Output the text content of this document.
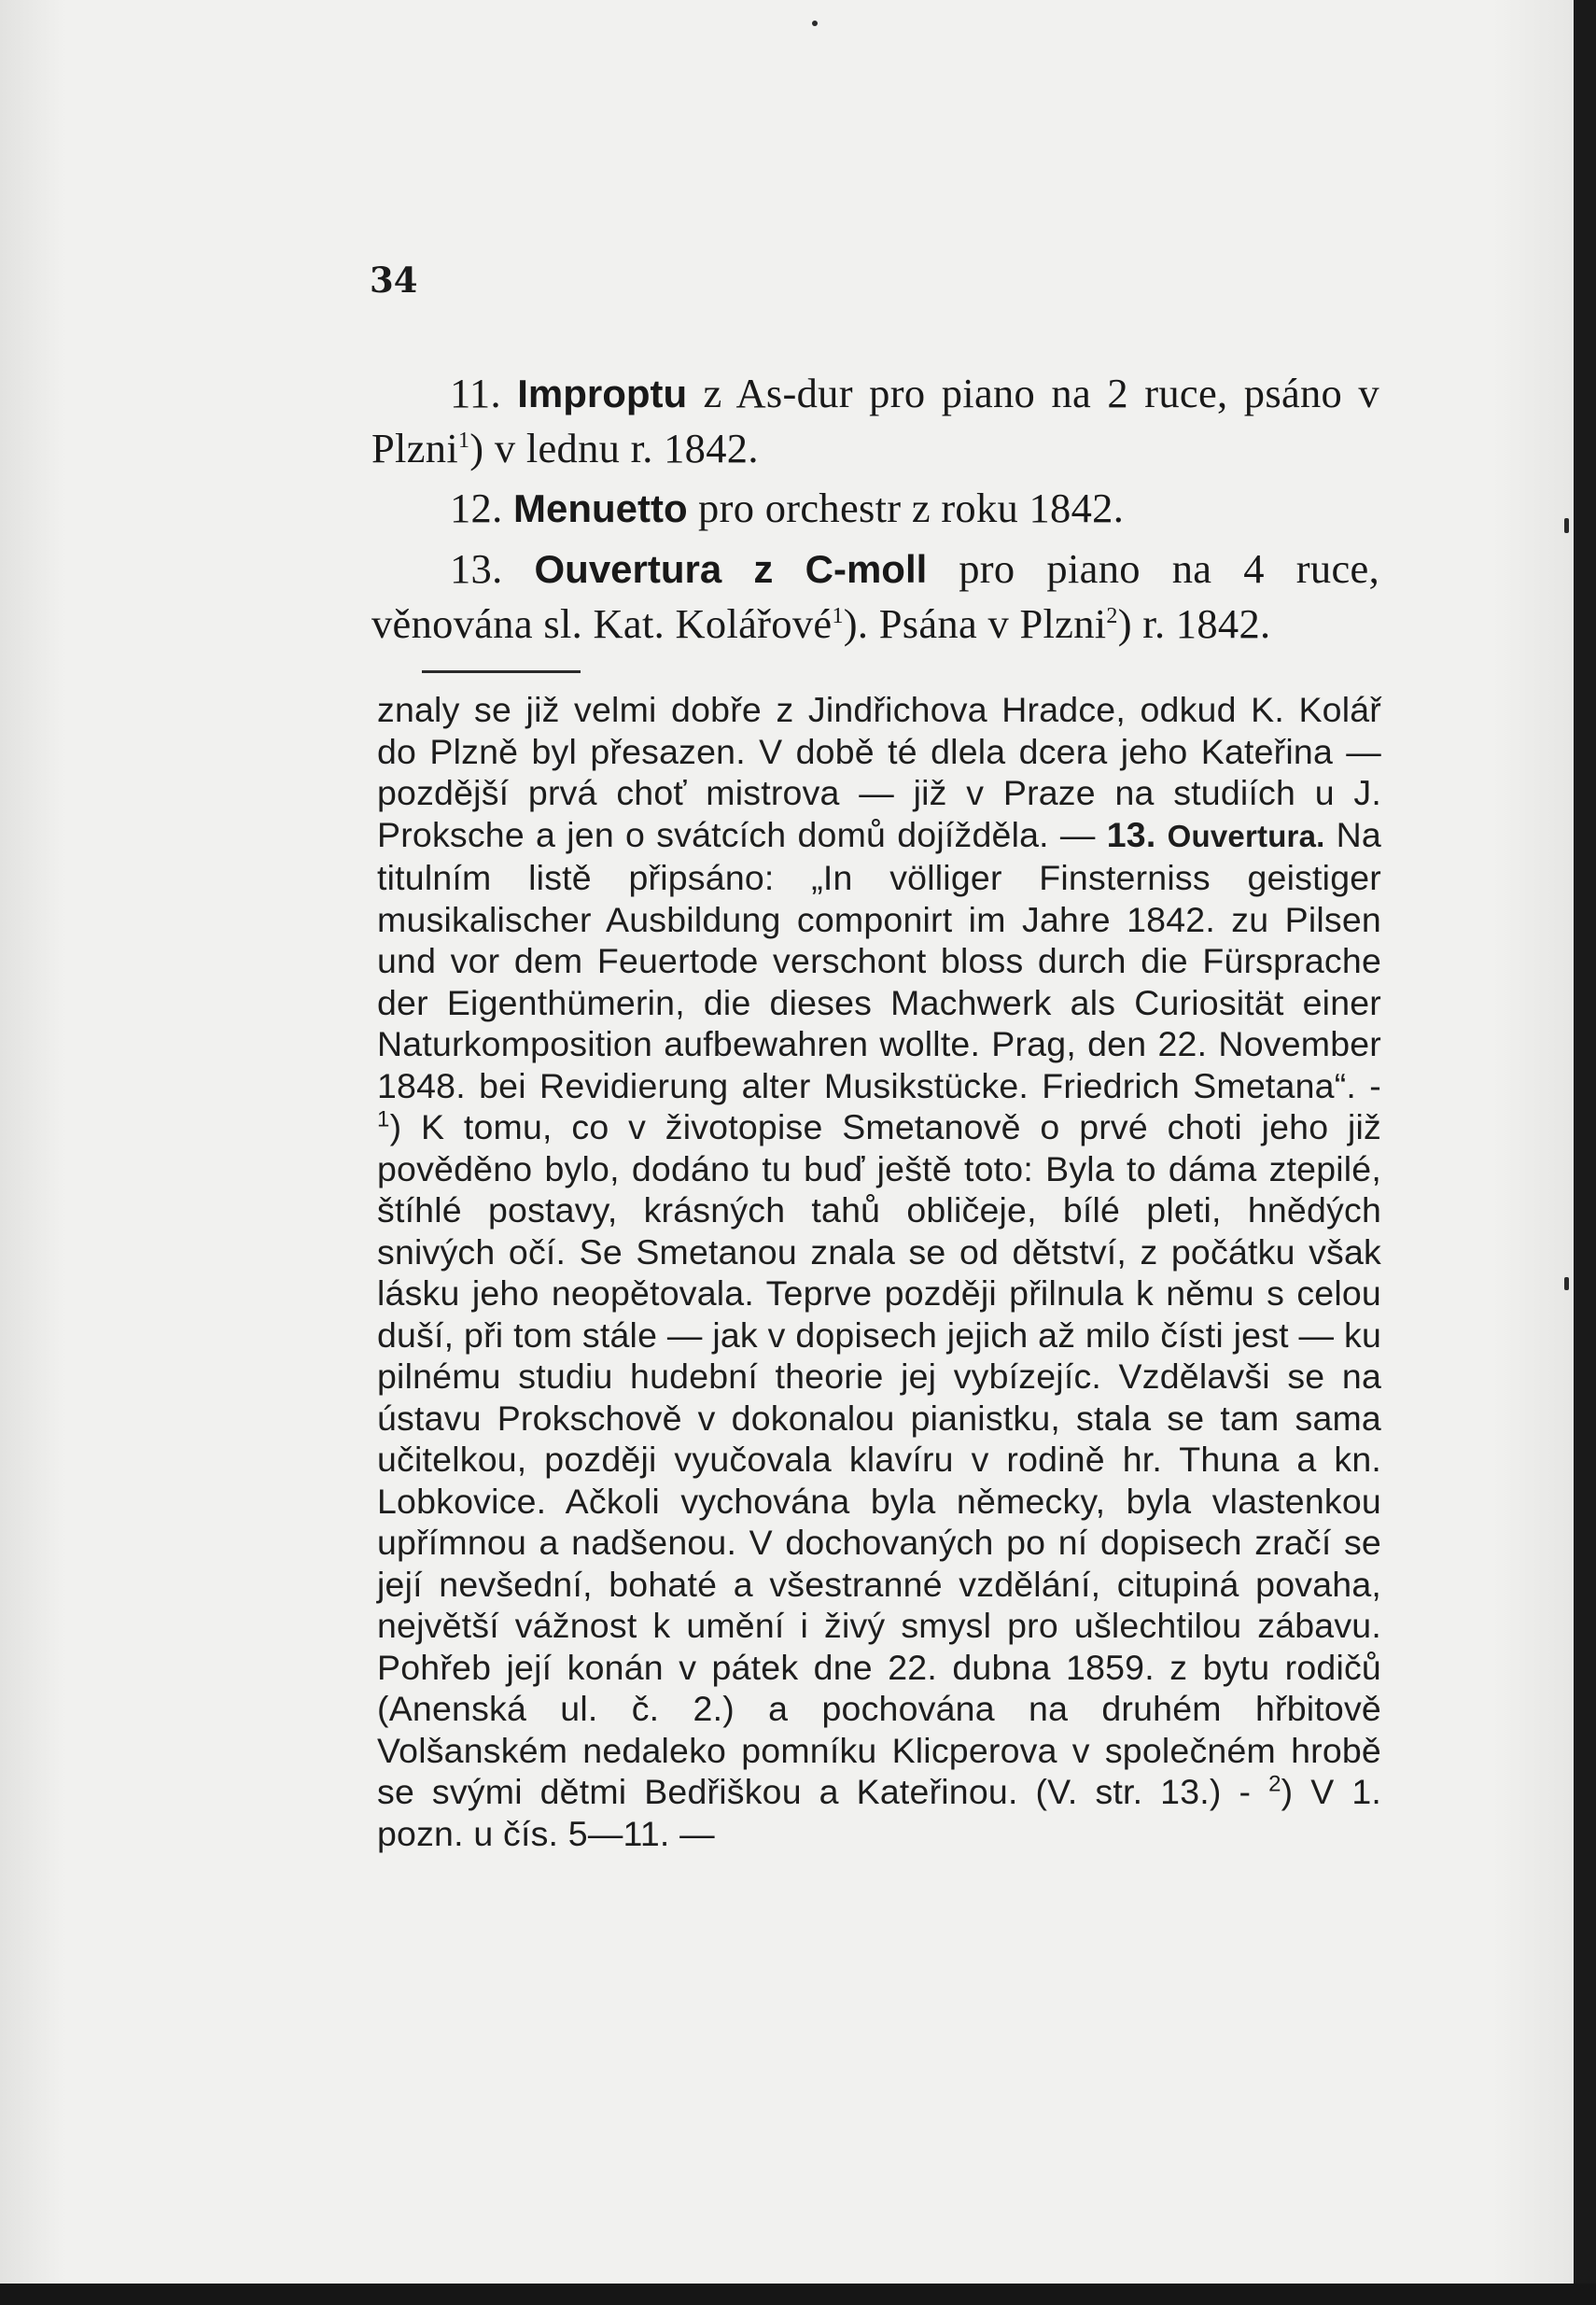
34

11. Improptu z As-dur pro piano na 2 ruce, psáno v Plzni$^1$) v lednu r. 1842.

12. Menuetto pro orchestr z roku 1842.

13. Ouvertura z C-moll pro piano na 4 ruce, věnována sl. Kat. Kolářové$^1$). Psána v Plzni$^2$) r. 1842.

znaly se již velmi dobře z Jindřichova Hradce, odkud K. Kolář do Plzně byl přesazen. V době té dlela dcera jeho Kateřina — pozdější prvá choť mistrova — již v Praze na studiích u J. Proksche a jen o svátcích domů dojížděla. — 13. Ouvertura. Na titulním listě připsáno: „In völliger Finsterniss geistiger musikalischer Ausbildung componirt im Jahre 1842. zu Pilsen und vor dem Feuertode verschont bloss durch die Fürsprache der Eigenthümerin, die dieses Machwerk als Curiosität einer Naturkomposition aufbewahren wollte. Prag, den 22. November 1848. bei Revidierung alter Musikstücke. Friedrich Smetana“. - $^1$) K tomu, co v životopise Smetanově o prvé choti jeho již pověděno bylo, dodáno tu buď ještě toto: Byla to dáma ztepilé, štíhlé postavy, krásných tahů obličeje, bílé pleti, hnědých snivých očí. Se Smetanou znala se od dětství, z počátku však lásku jeho neopětovala. Teprve později přilnula k němu s celou duší, při tom stále — jak v dopisech jejich až milo čísti jest — ku pilnému studiu hudební theorie jej vybízejíc. Vzdělavši se na ústavu Prokschově v dokonalou pianistku, stala se tam sama učitelkou, později vyučovala klavíru v rodině hr. Thuna a kn. Lobkovice. Ačkoli vychována byla německy, byla vlastenkou upřímnou a nadšenou. V dochovaných po ní dopisech zračí se její nevšední, bohaté a všestranné vzdělání, citupiná povaha, největší vážnost k umění i živý smysl pro ušlechtilou zábavu. Pohřeb její konán v pátek dne 22. dubna 1859. z bytu rodičů (Anenská ul. č. 2.) a pochována na druhém hřbitově Volšanském nedaleko pomníku Klicperova v společném hrobě se svými dětmi Bedřiškou a Kateřinou. (V. str. 13.) - $^2$) V 1. pozn. u čís. 5—11. —
